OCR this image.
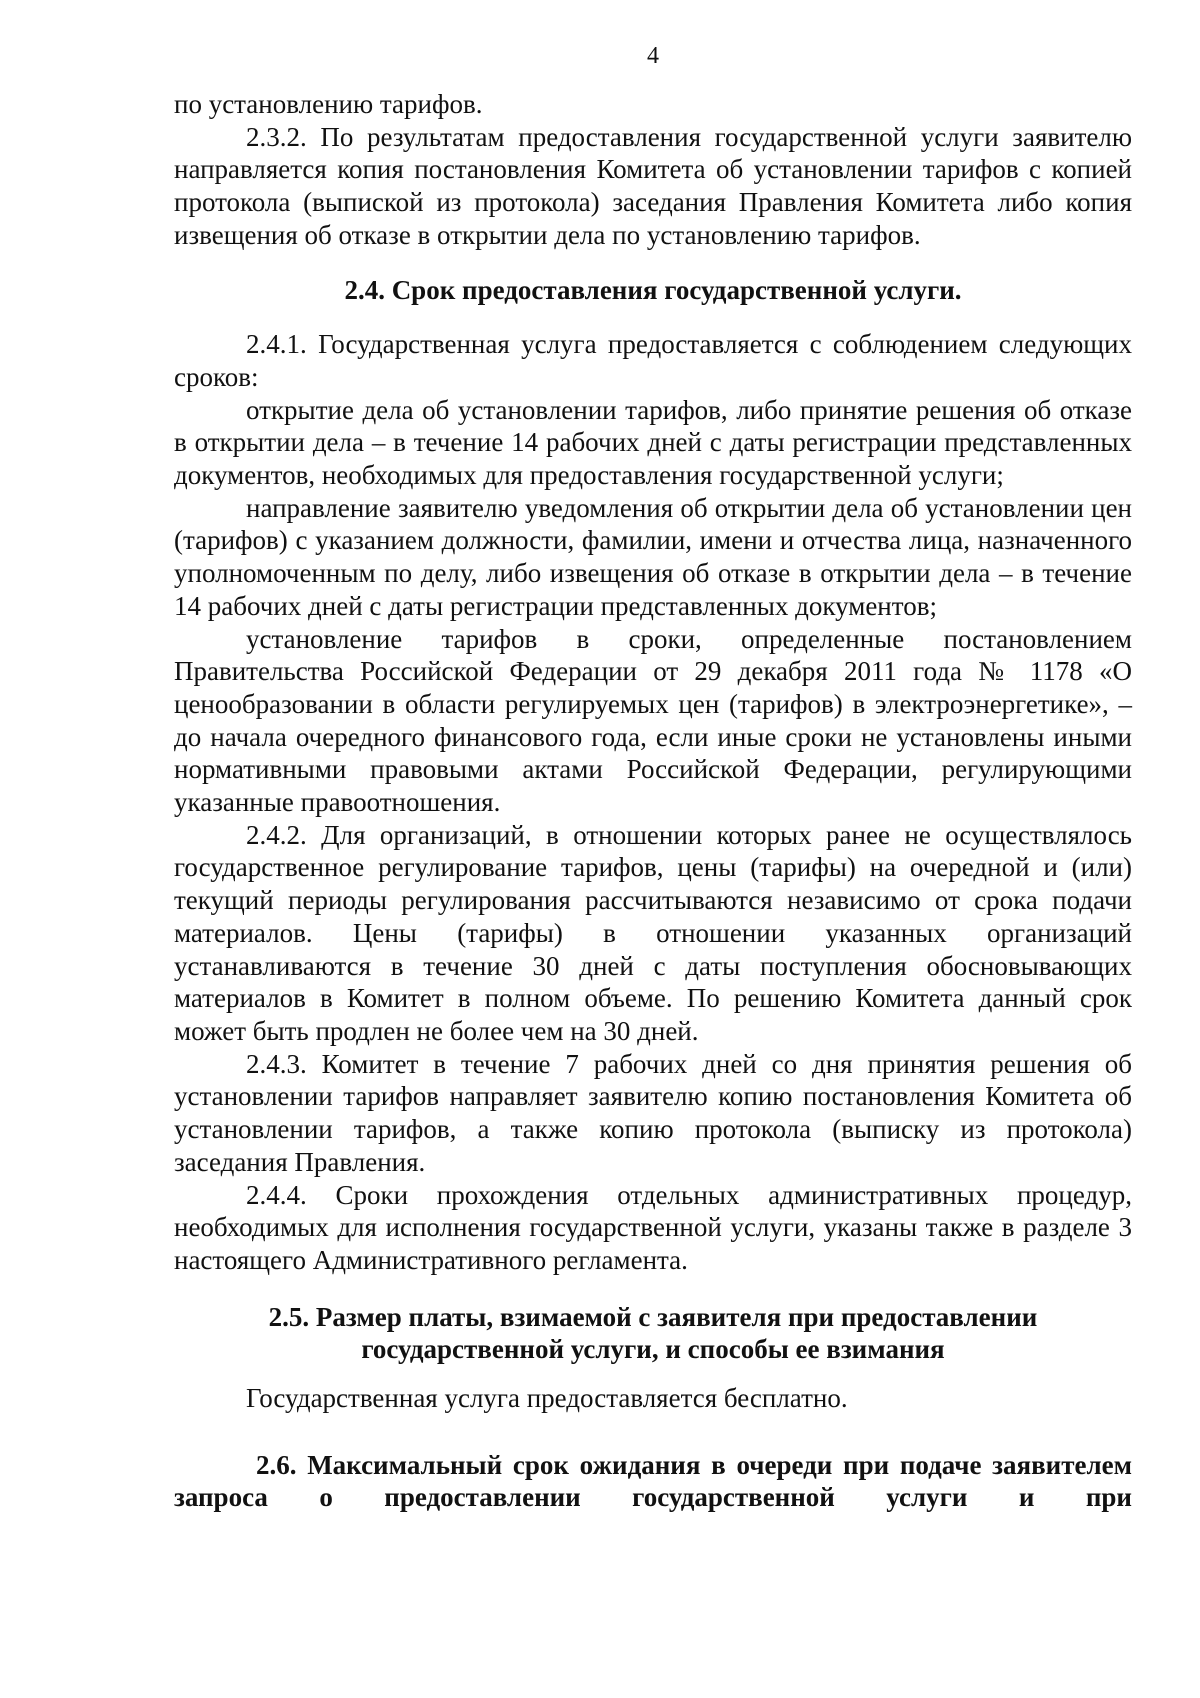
4

по установлению тарифов.

2.3.2. По результатам предоставления государственной услуги заявителю направляется копия постановления Комитета об установлении тарифов с копией протокола (выпиской из протокола) заседания Правления Комитета либо копия извещения об отказе в открытии дела по установлению тарифов.

2.4. Срок предоставления государственной услуги.

2.4.1. Государственная услуга предоставляется с соблюдением следующих сроков:

открытие дела об установлении тарифов, либо принятие решения об отказе в открытии дела – в течение 14 рабочих дней с даты регистрации представленных документов, необходимых для предоставления государственной услуги;

направление заявителю уведомления об открытии дела об установлении цен (тарифов) с указанием должности, фамилии, имени и отчества лица, назначенного уполномоченным по делу, либо извещения об отказе в открытии дела – в течение 14 рабочих дней с даты регистрации представленных документов;

установление тарифов в сроки, определенные постановлением Правительства Российской Федерации от 29 декабря 2011 года № 1178 «О ценообразовании в области регулируемых цен (тарифов) в электроэнергетике», – до начала очередного финансового года, если иные сроки не установлены иными нормативными правовыми актами Российской Федерации, регулирующими указанные правоотношения.

2.4.2. Для организаций, в отношении которых ранее не осуществлялось государственное регулирование тарифов, цены (тарифы) на очередной и (или) текущий периоды регулирования рассчитываются независимо от срока подачи материалов. Цены (тарифы) в отношении указанных организаций устанавливаются в течение 30 дней с даты поступления обосновывающих материалов в Комитет в полном объеме. По решению Комитета данный срок может быть продлен не более чем на 30 дней.

2.4.3. Комитет в течение 7 рабочих дней со дня принятия решения об установлении тарифов направляет заявителю копию постановления Комитета об установлении тарифов, а также копию протокола (выписку из протокола) заседания Правления.

2.4.4. Сроки прохождения отдельных административных процедур, необходимых для исполнения государственной услуги, указаны также в разделе 3 настоящего Административного регламента.

2.5. Размер платы, взимаемой с заявителя при предоставлении
государственной услуги, и способы ее взимания

Государственная услуга предоставляется бесплатно.

2.6. Максимальный срок ожидания в очереди при подаче заявителем запроса о предоставлении государственной услуги и при
